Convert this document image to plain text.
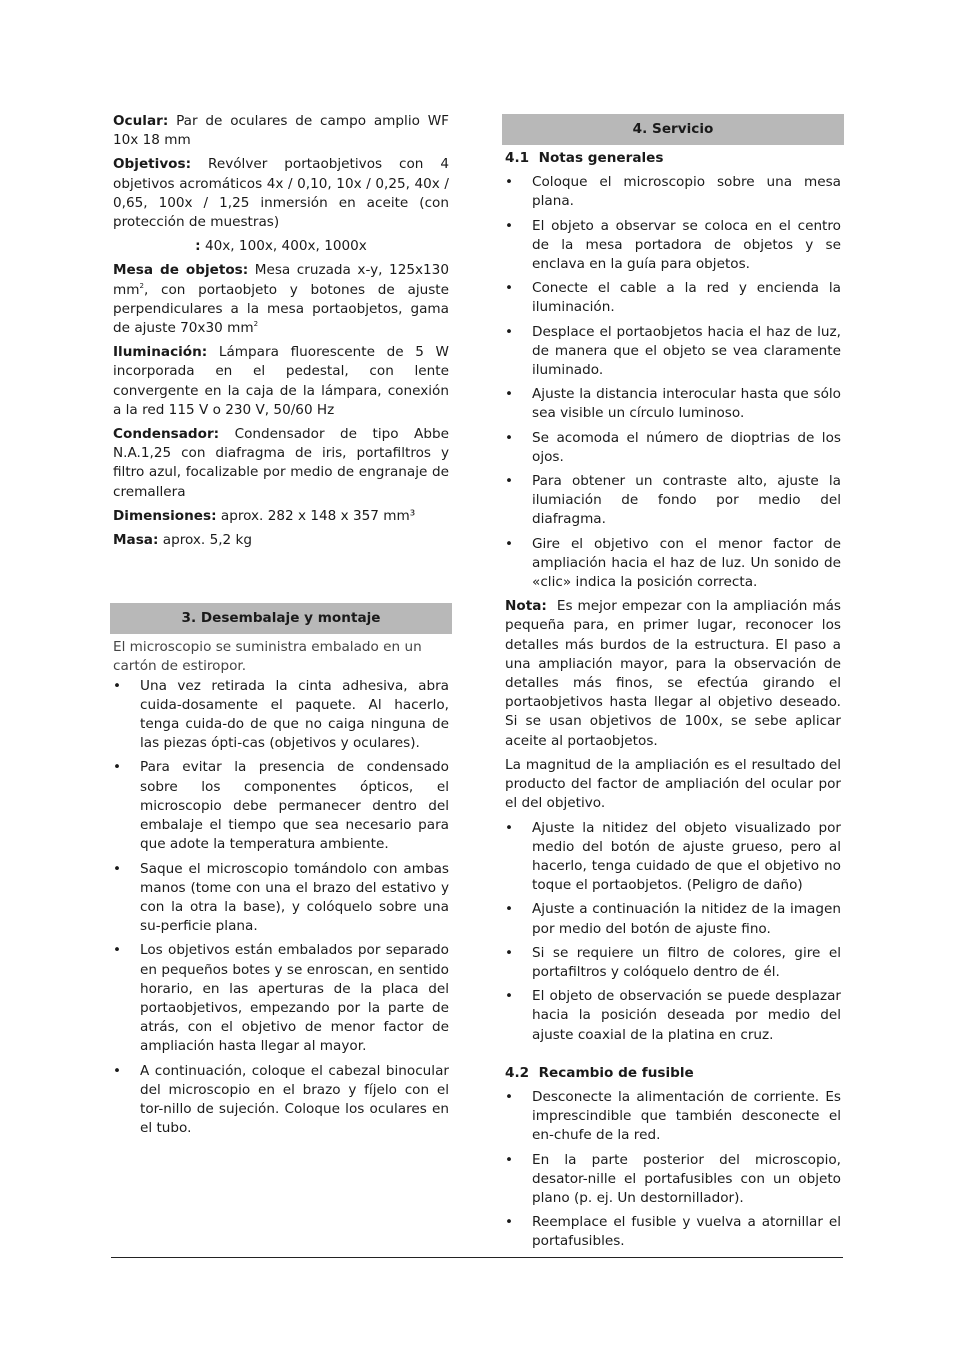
Ocular: Par de oculares de campo amplio WF 10x 18 mm

Objetivos: Revólver portaobjetivos con 4 objetivos acromáticos 4x / 0,10, 10x / 0,25, 40x / 0,65, 100x / 1,25 inmersión en aceite (con protección de muestras)

: 40x, 100x, 400x, 1000x

Mesa de objetos: Mesa cruzada x-y, 125x130 $mm^2$, con portaobjeto y botones de ajuste perpendiculares a la mesa portaobjetos, gama de ajuste 70x30 $mm^2$

Iluminación: Lámpara fluorescente de 5 W incorporada en el pedestal, con lente convergente en la caja de la lámpara, conexión a la red 115 V o 230 V, 50/60 Hz

Condensador: Condensador de tipo Abbe N.A.1,25 con diafragma de iris, portafiltros y filtro azul, focalizable por medio de engranaje de cremallera

Dimensiones: aprox. 282 x 148 x 357 mm³

Masa: aprox. 5,2 kg

3. Desembalaje y montaje

El microscopio se suministra embalado en un cartón de estiropor.

• Una vez retirada la cinta adhesiva, abra cuida-dosamente el paquete. Al hacerlo, tenga cuida-do de que no caiga ninguna de las piezas ópti-cas (objetivos y oculares).
• Para evitar la presencia de condensado sobre los componentes ópticos, el microscopio debe permanecer dentro del embalaje el tiempo que sea necesario para que adote la temperatura ambiente.
• Saque el microscopio tomándolo con ambas manos (tome con una el brazo del estativo y con la otra la base), y colóquelo sobre una su-perficie plana.
• Los objetivos están embalados por separado en pequeños botes y se enroscan, en sentido horario, en las aperturas de la placa del portaobjetivos, empezando por la parte de atrás, con el objetivo de menor factor de ampliación hasta llegar al mayor.
• A continuación, coloque el cabezal binocular del microscopio en el brazo y fíjelo con el tor-nillo de sujeción. Coloque los oculares en el tubo.
4. Servicio

4.1 Notas generales

• Coloque el microscopio sobre una mesa plana.
• El objeto a observar se coloca en el centro de la mesa portadora de objetos y se enclava en la guía para objetos.
• Conecte el cable a la red y encienda la iluminación.
• Desplace el portaobjetos hacia el haz de luz, de manera que el objeto se vea claramente iluminado.
• Ajuste la distancia interocular hasta que sólo sea visible un círculo luminoso.
• Se acomoda el número de dioptrias de los ojos.
• Para obtener un contraste alto, ajuste la ilumiación de fondo por medio del diafragma.
• Gire el objetivo con el menor factor de ampliación hacia el haz de luz. Un sonido de «clic» indica la posición correcta.

Nota: Es mejor empezar con la ampliación más pequeña para, en primer lugar, reconocer los detalles más burdos de la estructura. El paso a una ampliación mayor, para la observación de detalles más finos, se efectúa girando el portaobjetivos hasta llegar al objetivo deseado. Si se usan objetivos de 100x, se sebe aplicar aceite al portaobjetos.

La magnitud de la ampliación es el resultado del producto del factor de ampliación del ocular por el del objetivo.

• Ajuste la nitidez del objeto visualizado por medio del botón de ajuste grueso, pero al hacerlo, tenga cuidado de que el objetivo no toque el portaobjetos. (Peligro de daño)
• Ajuste a continuación la nitidez de la imagen por medio del botón de ajuste fino.
• Si se requiere un filtro de colores, gire el portafiltros y colóquelo dentro de él.
• El objeto de observación se puede desplazar hacia la posición deseada por medio del ajuste coaxial de la platina en cruz.

4.2 Recambio de fusible

• Desconecte la alimentación de corriente. Es imprescindible que también desconecte el en-chufe de la red.
• En la parte posterior del microscopio, desator-nille el portafusibles con un objeto plano (p. ej. Un destornillador).
• Reemplace el fusible y vuelva a atornillar el portafusibles.
